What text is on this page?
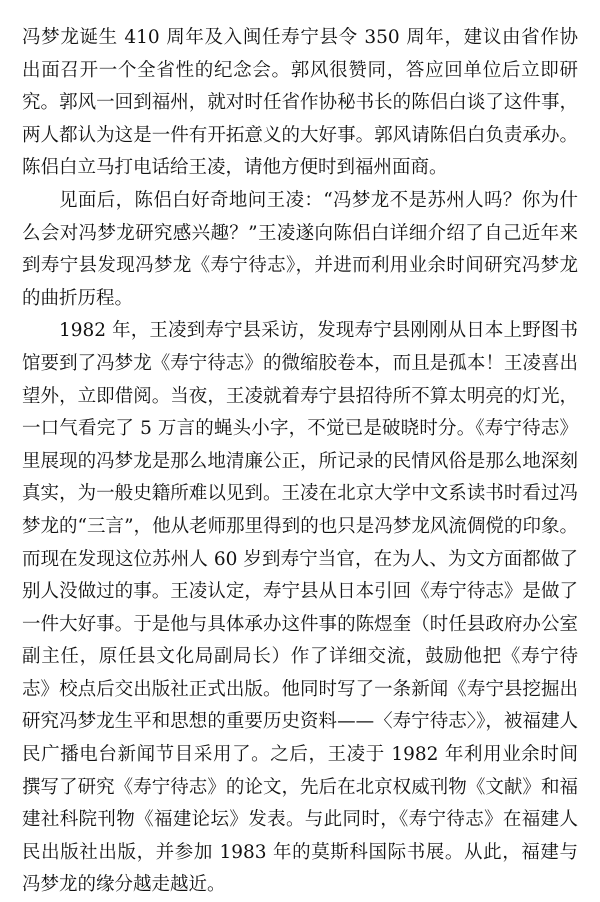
冯梦龙诞生 410 周年及入闽任寿宁县令 350 周年，建议由省作协出面召开一个全省性的纪念会。郭风很赞同，答应回单位后立即研究。郭风一回到福州，就对时任省作协秘书长的陈侣白谈了这件事，两人都认为这是一件有开拓意义的大好事。郭风请陈侣白负责承办。陈侣白立马打电话给王凌，请他方便时到福州面商。

见面后，陈侣白好奇地问王凌：“冯梦龙不是苏州人吗？你为什么会对冯梦龙研究感兴趣？”王凌遂向陈侣白详细介绍了自己近年来到寿宁县发现冯梦龙《寿宁待志》，并进而利用业余时间研究冯梦龙的曲折历程。

1982 年，王凌到寿宁县采访，发现寿宁县刚刚从日本上野图书馆要到了冯梦龙《寿宁待志》的微缩胶卷本，而且是孤本！王凌喜出望外，立即借阅。当夜，王凌就着寿宁县招待所不算太明亮的灯光，一口气看完了 5 万言的蝇头小字，不觉已是破晓时分。《寿宁待志》里展现的冯梦龙是那么地清廉公正，所记录的民情风俗是那么地深刻真实，为一般史籍所难以见到。王凌在北京大学中文系读书时看过冯梦龙的“三言”，他从老师那里得到的也只是冯梦龙风流倜傥的印象。而现在发现这位苏州人 60 岁到寿宁当官，在为人、为文方面都做了别人没做过的事。王凌认定，寿宁县从日本引回《寿宁待志》是做了一件大好事。于是他与具体承办这件事的陈煜奎（时任县政府办公室副主任，原任县文化局副局长）作了详细交流，鼓励他把《寿宁待志》校点后交出版社正式出版。他同时写了一条新闻《寿宁县挖掘出研究冯梦龙生平和思想的重要历史资料——〈寿宁待志〉》，被福建人民广播电台新闻节目采用了。之后，王凌于 1982 年利用业余时间撰写了研究《寿宁待志》的论文，先后在北京权威刊物《文献》和福建社科院刊物《福建论坛》发表。与此同时，《寿宁待志》在福建人民出版社出版，并参加 1983 年的莫斯科国际书展。从此，福建与冯梦龙的缘分越走越近。
